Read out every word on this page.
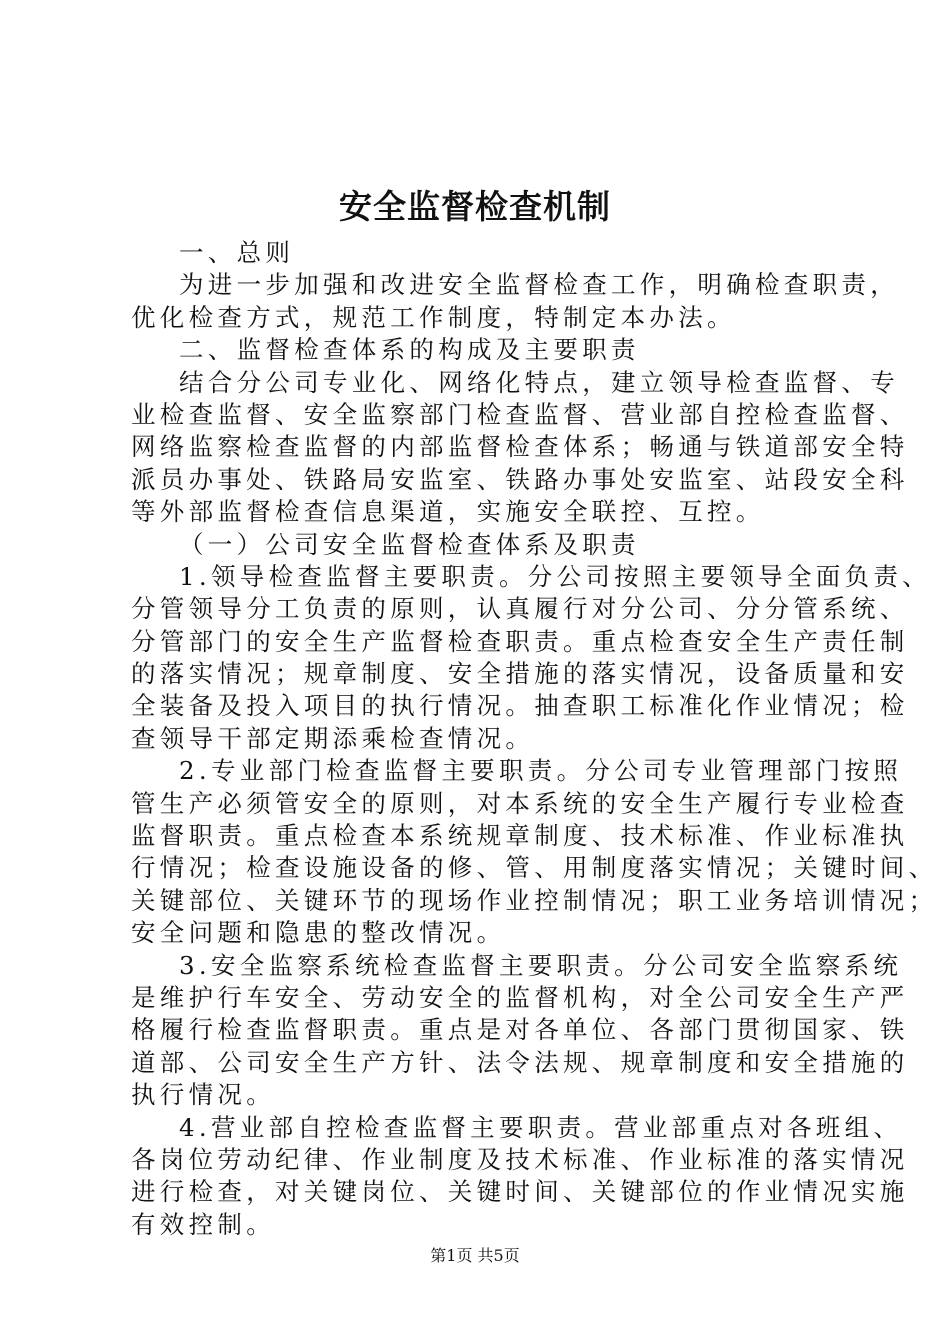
安全监督检查机制
一、总则
为进一步加强和改进安全监督检查工作，明确检查职责，
优化检查方式，规范工作制度，特制定本办法。
二、监督检查体系的构成及主要职责
结合分公司专业化、网络化特点，建立领导检查监督、专
业检查监督、安全监察部门检查监督、营业部自控检查监督、
网络监察检查监督的内部监督检查体系；畅通与铁道部安全特
派员办事处、铁路局安监室、铁路办事处安监室、站段安全科
等外部监督检查信息渠道，实施安全联控、互控。
（一）公司安全监督检查体系及职责
1.领导检查监督主要职责。分公司按照主要领导全面负责、
分管领导分工负责的原则，认真履行对分公司、分分管系统、
分管部门的安全生产监督检查职责。重点检查安全生产责任制
的落实情况；规章制度、安全措施的落实情况，设备质量和安
全装备及投入项目的执行情况。抽查职工标准化作业情况；检
查领导干部定期添乘检查情况。
2.专业部门检查监督主要职责。分公司专业管理部门按照
管生产必须管安全的原则，对本系统的安全生产履行专业检查
监督职责。重点检查本系统规章制度、技术标准、作业标准执
行情况；检查设施设备的修、管、用制度落实情况；关键时间、
关键部位、关键环节的现场作业控制情况；职工业务培训情况；
安全问题和隐患的整改情况。
3.安全监察系统检查监督主要职责。分公司安全监察系统
是维护行车安全、劳动安全的监督机构，对全公司安全生产严
格履行检查监督职责。重点是对各单位、各部门贯彻国家、铁
道部、公司安全生产方针、法令法规、规章制度和安全措施的
执行情况。
4.营业部自控检查监督主要职责。营业部重点对各班组、
各岗位劳动纪律、作业制度及技术标准、作业标准的落实情况
进行检查，对关键岗位、关键时间、关键部位的作业情况实施
有效控制。
第1页 共5页
